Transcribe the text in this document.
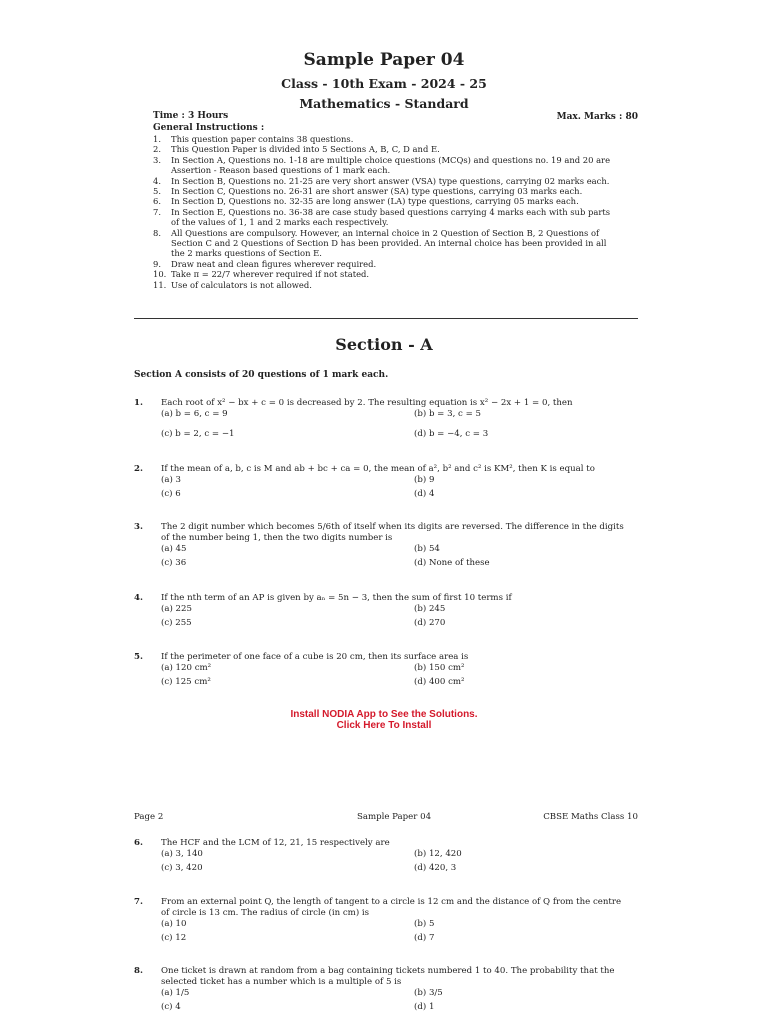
Sample Paper 04
Class - 10th Exam - 2024 - 25
Mathematics - Standard
Time : 3 Hours	Max. Marks : 80
General Instructions :
1. This question paper contains 38 questions.
2. This Question Paper is divided into 5 Sections A, B, C, D and E.
3. In Section A, Questions no. 1-18 are multiple choice questions (MCQs) and questions no. 19 and 20 are
Assertion - Reason based questions of 1 mark each.
4. In Section B, Questions no. 21-25 are very short answer (VSA) type questions, carrying 02 marks each.
5. In Section C, Questions no. 26-31 are short answer (SA) type questions, carrying 03 marks each.
6. In Section D, Questions no. 32-35 are long answer (LA) type questions, carrying 05 marks each.
7. In Section E, Questions no. 36-38 are case study based questions carrying 4 marks each with sub parts
of the values of 1, 1 and 2 marks each respectively.
8. All Questions are compulsory. However, an internal choice in 2 Question of Section B, 2 Questions of
Section C and 2 Questions of Section D has been provided. An internal choice has been provided in all
the 2 marks questions of Section E.
9. Draw neat and clean figures wherever required.
10. Take π = 22/7 wherever required if not stated.
11. Use of calculators is not allowed.
Section - A
Section A consists of 20 questions of 1 mark each.
1. Each root of x² − bx + c = 0 is decreased by 2. The resulting equation is x² − 2x + 1 = 0, then
(a) b = 6, c = 9	(b) b = 3, c = 5
(c) b = 2, c = −1	(d) b = −4, c = 3
2. If the mean of a, b, c is M and ab + bc + ca = 0, the mean of a², b² and c² is KM², then K is equal to
(a) 3	(b) 9
(c) 6	(d) 4
3. The 2 digit number which becomes 5/6th of itself when its digits are reversed. The difference in the digits
of the number being 1, then the two digits number is
(a) 45	(b) 54
(c) 36	(d) None of these
4. If the nth term of an AP is given by aₙ = 5n − 3, then the sum of first 10 terms if
(a) 225	(b) 245
(c) 255	(d) 270
5. If the perimeter of one face of a cube is 20 cm, then its surface area is
(a) 120 cm²	(b) 150 cm²
(c) 125 cm²	(d) 400 cm²
Install NODIA App to See the Solutions.
Click Here To Install
Page 2	Sample Paper 04	CBSE Maths Class 10
6. The HCF and the LCM of 12, 21, 15 respectively are
(a) 3, 140	(b) 12, 420
(c) 3, 420	(d) 420, 3
7. From an external point Q, the length of tangent to a circle is 12 cm and the distance of Q from the centre
of circle is 13 cm. The radius of circle (in cm) is
(a) 10	(b) 5
(c) 12	(d) 7
8. One ticket is drawn at random from a bag containing tickets numbered 1 to 40. The probability that the
selected ticket has a number which is a multiple of 5 is
(a) 1/5	(b) 3/5
(c) 4	(d) 1
